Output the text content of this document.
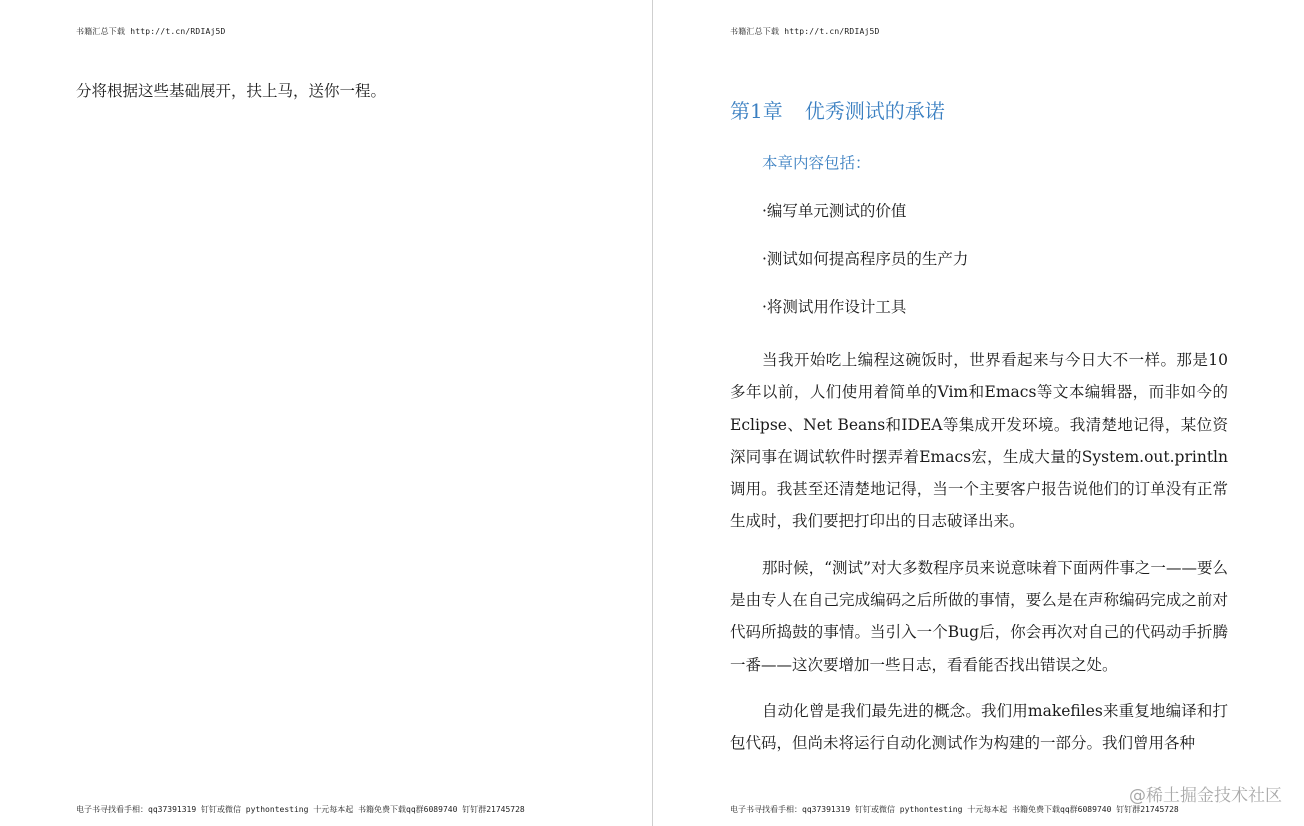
书籍汇总下载 http://t.cn/RDIAj5D
分将根据这些基础展开，扶上马，送你一程。
电子书寻找看手相：qq37391319 钉钉或微信 pythontesting 十元每本起 书籍免费下载qq群6089740 钉钉群21745728
书籍汇总下载 http://t.cn/RDIAj5D
第1章 优秀测试的承诺
本章内容包括：
·编写单元测试的价值
·测试如何提高程序员的生产力
·将测试用作设计工具

当我开始吃上编程这碗饭时，世界看起来与今日大不一样。那是10多年以前，人们使用着简单的Vim和Emacs等文本编辑器，而非如今的Eclipse、Net Beans和IDEA等集成开发环境。我清楚地记得，某位资深同事在调试软件时摆弄着Emacs宏，生成大量的System.out.println调用。我甚至还清楚地记得，当一个主要客户报告说他们的订单没有正常生成时，我们要把打印出的日志破译出来。

那时候，“测试”对大多数程序员来说意味着下面两件事之一——要么是由专人在自己完成编码之后所做的事情，要么是在声称编码完成之前对代码所捣鼓的事情。当引入一个Bug后，你会再次对自己的代码动手折腾一番——这次要增加一些日志，看看能否找出错误之处。

自动化曾是我们最先进的概念。我们用makefiles来重复地编译和打包代码，但尚未将运行自动化测试作为构建的一部分。我们曾用各种

电子书寻找看手相：qq37391319 钉钉或微信 pythontesting 十元每本起 书籍免费下载qq群6089740 钉钉群21745728
@稀土掘金技术社区
